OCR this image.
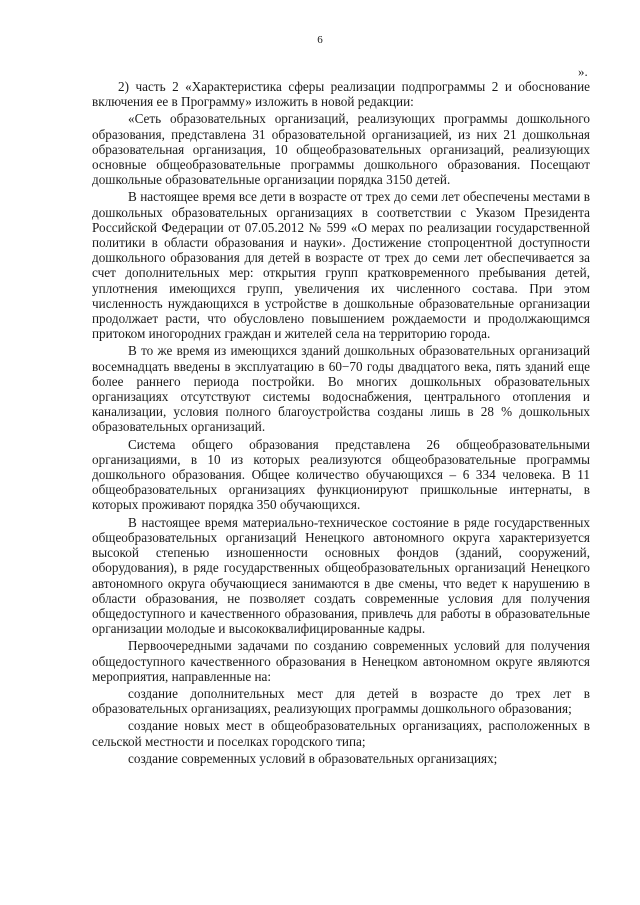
6
».

2) часть 2 «Характеристика сферы реализации подпрограммы 2 и обоснование включения ее в Программу» изложить в новой редакции:

«Сеть образовательных организаций, реализующих программы дошкольного образования, представлена 31 образовательной организацией, из них 21 дошкольная образовательная организация, 10 общеобразовательных организаций, реализующих основные общеобразовательные программы дошкольного образования. Посещают дошкольные образовательные организации порядка 3150 детей.

В настоящее время все дети в возрасте от трех до семи лет обеспечены местами в дошкольных образовательных организациях в соответствии с Указом Президента Российской Федерации от 07.05.2012 № 599 «О мерах по реализации государственной политики в области образования и науки». Достижение стопроцентной доступности дошкольного образования для детей в возрасте от трех до семи лет обеспечивается за счет дополнительных мер: открытия групп кратковременного пребывания детей, уплотнения имеющихся групп, увеличения их численного состава. При этом численность нуждающихся в устройстве в дошкольные образовательные организации продолжает расти, что обусловлено повышением рождаемости и продолжающимся притоком иногородних граждан и жителей села на территорию города.

В то же время из имеющихся зданий дошкольных образовательных организаций восемнадцать введены в эксплуатацию в 60−70 годы двадцатого века, пять зданий еще более раннего периода постройки. Во многих дошкольных образовательных организациях отсутствуют системы водоснабжения, центрального отопления и канализации, условия полного благоустройства созданы лишь в 28 % дошкольных образовательных организаций.

Система общего образования представлена 26 общеобразовательными организациями, в 10 из которых реализуются общеобразовательные программы дошкольного образования. Общее количество обучающихся – 6 334 человека. В 11 общеобразовательных организациях функционируют пришкольные интернаты, в которых проживают порядка 350 обучающихся.

В настоящее время материально-техническое состояние в ряде государственных общеобразовательных организаций Ненецкого автономного округа характеризуется высокой степенью изношенности основных фондов (зданий, сооружений, оборудования), в ряде государственных общеобразовательных организаций Ненецкого автономного округа обучающиеся занимаются в две смены, что ведет к нарушению в области образования, не позволяет создать современные условия для получения общедоступного и качественного образования, привлечь для работы в образовательные организации молодые и высококвалифицированные кадры.

Первоочередными задачами по созданию современных условий для получения общедоступного качественного образования в Ненецком автономном округе являются мероприятия, направленные на:

создание дополнительных мест для детей в возрасте до трех лет в образовательных организациях, реализующих программы дошкольного образования;

создание новых мест в общеобразовательных организациях, расположенных в сельской местности и поселках городского типа;

создание современных условий в образовательных организациях;
